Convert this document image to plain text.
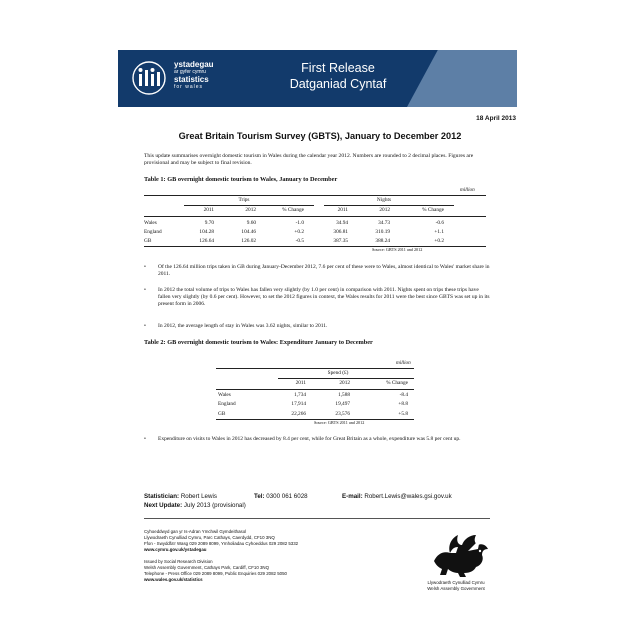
ystadegau
ar gyfer cymru
statistics
for wales
First Release
Datganiad Cyntaf
18 April 2013
Great Britain Tourism Survey (GBTS), January to December 2012
This update summarises overnight domestic tourism in Wales during the calendar year 2012. Numbers are rounded to 2 decimal places. Figures are provisional and may be subject to final revision.
Table 1: GB overnight domestic tourism to Wales, January to December
million
Trips	Nights
2011	2012	% Change	2011	2012	% Change
Wales	9.70	9.60	-1.0	34.94	34.73	-0.6
England	104.28	104.46	+0.2	306.81	310.19	+1.1
GB	126.64	126.02	-0.5	387.35	388.24	+0.2
Source: GBTS 2011 and 2012
• Of the 126.64 million trips taken in GB during January-December 2012, 7.6 per cent of these were to Wales, almost identical to Wales' market share in 2011.
• In 2012 the total volume of trips to Wales has fallen very slightly (by 1.0 per cent) in comparison with 2011. Nights spent on trips these trips have fallen very slightly (by 0.6 per cent). However, to set the 2012 figures in context, the Wales results for 2011 were the best since GBTS was set up in its present form in 2006.
• In 2012, the average length of stay in Wales was 3.62 nights, similar to 2011.
Table 2: GB overnight domestic tourism to Wales: Expenditure January to December
million
Spend (£)
2011	2012	% Change
Wales	1,734	1,588	-8.4
England	17,914	19,497	+8.8
GB	22,266	23,576	+5.8
Source: GBTS 2011 and 2012
• Expenditure on visits to Wales in 2012 has decreased by 8.4 per cent, while for Great Britain as a whole, expenditure was 5.8 per cent up.
Statistician: Robert Lewis	Tel: 0300 061 6028	E-mail: Robert.Lewis@wales.gsi.gov.uk
Next Update: July 2013 (provisional)
Cyhoeddwyd gan yr Is-Adran Ymchwil Gymdeithasol
Llywodraeth Cynulliad Cymru, Parc Cathays, Caerdydd, CF10 3NQ
Ffon - Swyddfa'r Wasg 029 2089 8099, Ymholiadau Cyhoeddus 029 2082 5332
www.cymru.gov.uk/ystadegau
Issued by Social Research Division
Welsh Assembly Government, Cathays Park, Cardiff, CF10 3NQ
Telephone - Press Office 029 2089 8099, Public Enquiries 029 2082 5050
www.wales.gov.uk/statistics
Llywodraeth Cynulliad Cymru
Welsh Assembly Government
